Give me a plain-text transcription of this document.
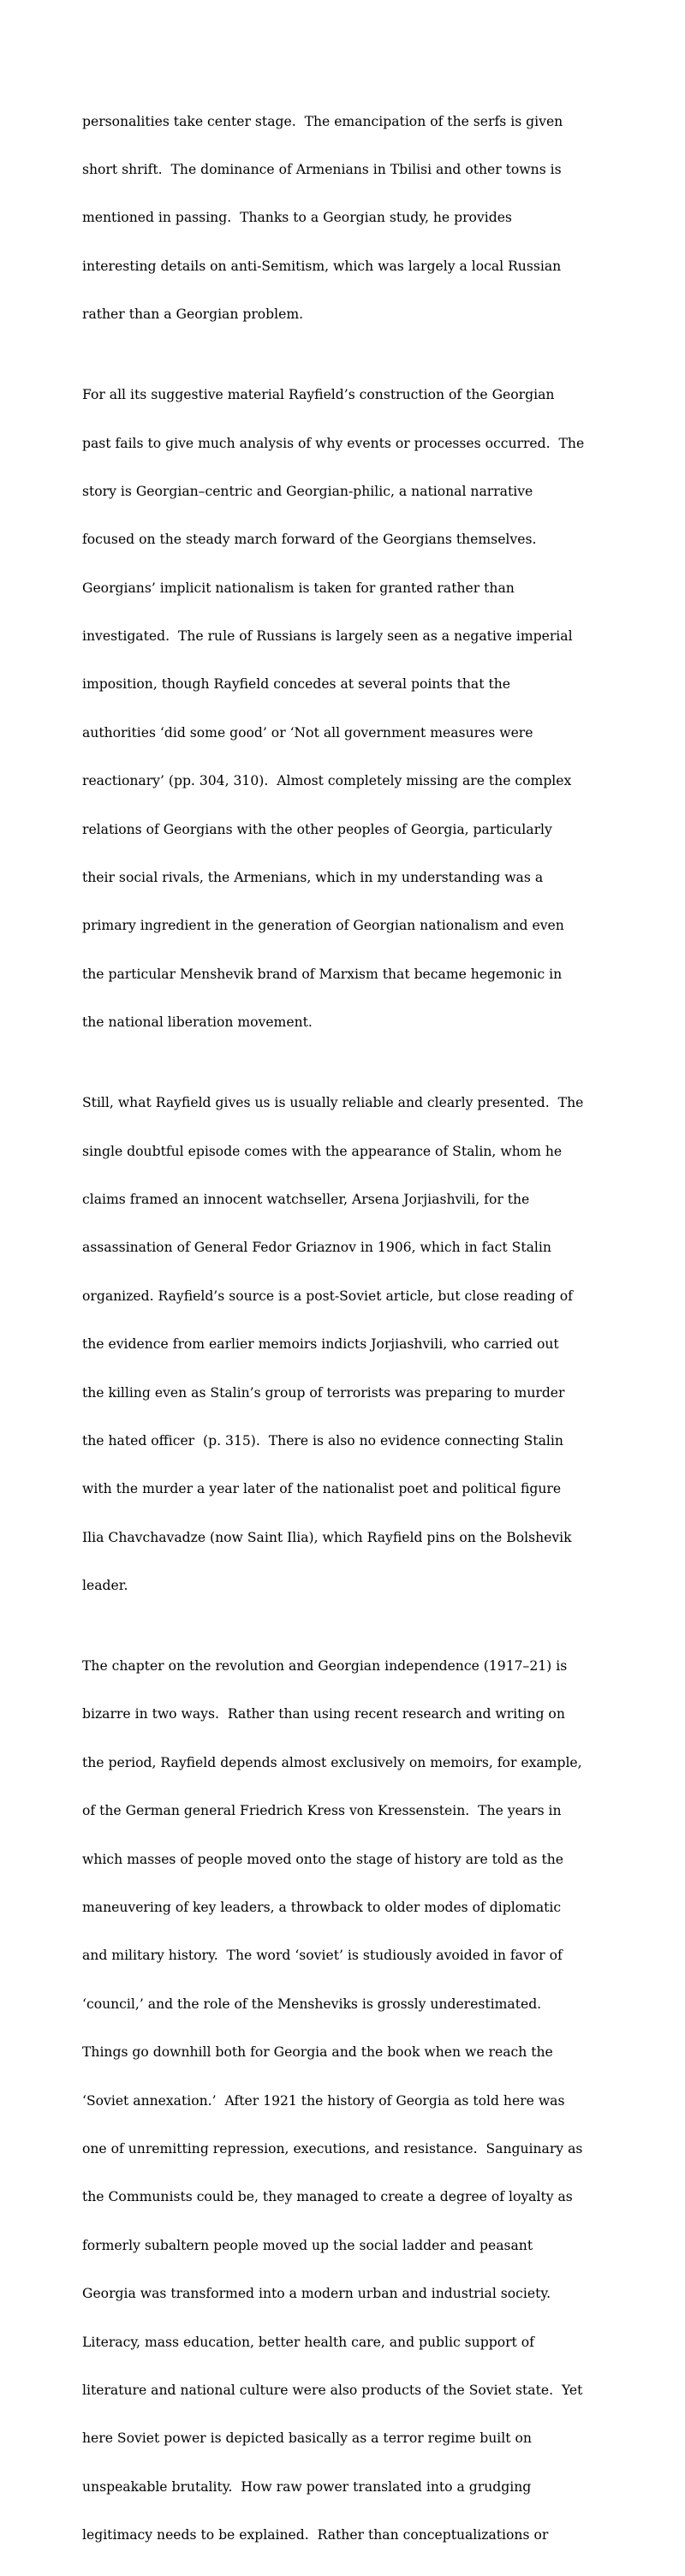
personalities take center stage.  The emancipation of the serfs is given

short shrift.  The dominance of Armenians in Tbilisi and other towns is

mentioned in passing.  Thanks to a Georgian study, he provides

interesting details on anti-Semitism, which was largely a local Russian

rather than a Georgian problem.

For all its suggestive material Rayfield’s construction of the Georgian

past fails to give much analysis of why events or processes occurred.  The

story is Georgian–centric and Georgian-philic, a national narrative

focused on the steady march forward of the Georgians themselves.

Georgians’ implicit nationalism is taken for granted rather than

investigated.  The rule of Russians is largely seen as a negative imperial

imposition, though Rayfield concedes at several points that the

authorities ‘did some good’ or ‘Not all government measures were

reactionary’ (pp. 304, 310).  Almost completely missing are the complex

relations of Georgians with the other peoples of Georgia, particularly

their social rivals, the Armenians, which in my understanding was a

primary ingredient in the generation of Georgian nationalism and even

the particular Menshevik brand of Marxism that became hegemonic in

the national liberation movement.

Still, what Rayfield gives us is usually reliable and clearly presented.  The

single doubtful episode comes with the appearance of Stalin, whom he

claims framed an innocent watchseller, Arsena Jorjiashvili, for the

assassination of General Fedor Griaznov in 1906, which in fact Stalin

organized. Rayfield’s source is a post-Soviet article, but close reading of

the evidence from earlier memoirs indicts Jorjiashvili, who carried out

the killing even as Stalin’s group of terrorists was preparing to murder

the hated officer  (p. 315).  There is also no evidence connecting Stalin

with the murder a year later of the nationalist poet and political figure

Ilia Chavchavadze (now Saint Ilia), which Rayfield pins on the Bolshevik

leader.

The chapter on the revolution and Georgian independence (1917–21) is

bizarre in two ways.  Rather than using recent research and writing on

the period, Rayfield depends almost exclusively on memoirs, for example,

of the German general Friedrich Kress von Kressenstein.  The years in

which masses of people moved onto the stage of history are told as the

maneuvering of key leaders, a throwback to older modes of diplomatic

and military history.  The word ‘soviet’ is studiously avoided in favor of

‘council,’ and the role of the Mensheviks is grossly underestimated.

Things go downhill both for Georgia and the book when we reach the

‘Soviet annexation.’  After 1921 the history of Georgia as told here was

one of unremitting repression, executions, and resistance.  Sanguinary as

the Communists could be, they managed to create a degree of loyalty as

formerly subaltern people moved up the social ladder and peasant

Georgia was transformed into a modern urban and industrial society.

Literacy, mass education, better health care, and public support of

literature and national culture were also products of the Soviet state.  Yet

here Soviet power is depicted basically as a terror regime built on

unspeakable brutality.  How raw power translated into a grudging

legitimacy needs to be explained.  Rather than conceptualizations or
